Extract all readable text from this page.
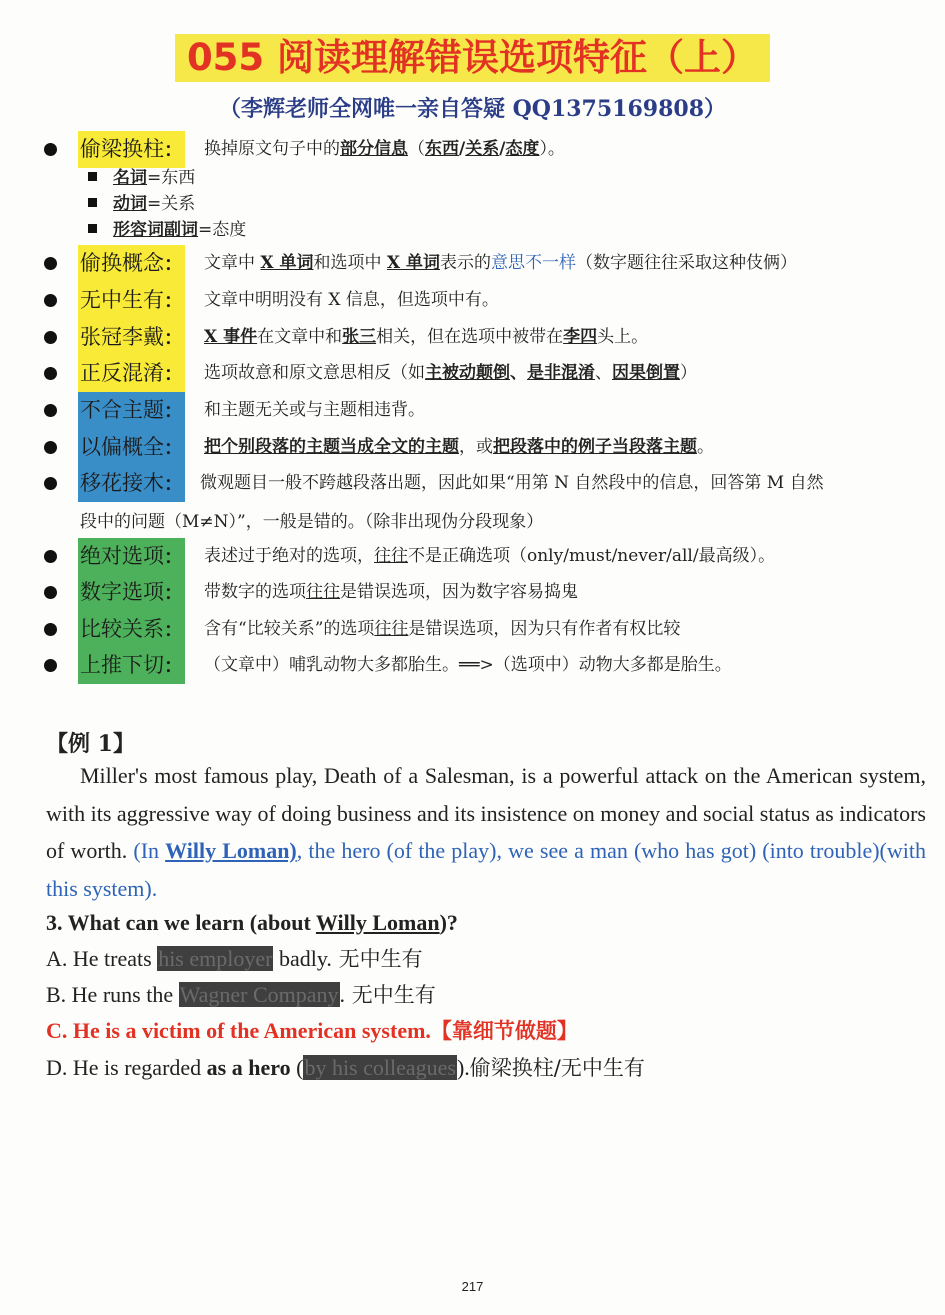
055 阅读理解错误选项特征（上）
（李辉老师全网唯一亲自答疑 QQ1375169808）
偷梁换柱： 换掉原文句子中的部分信息（东西/关系/态度）。
名词=东西
动词=关系
形容词副词=态度
偷换概念： 文章中 X 单词和选项中 X 单词表示的意思不一样（数字题往往采取这种伎俩）
无中生有： 文章中明明没有 X 信息，但选项中有。
张冠李戴： X 事件在文章中和张三相关，但在选项中被带在李四头上。
正反混淆： 选项故意和原文意思相反（如主被动颠倒、是非混淆、因果倒置）
不合主题： 和主题无关或与主题相违背。
以偏概全： 把个别段落的主题当成全文的主题，或把段落中的例子当段落主题。
移花接木： 微观题目一般不跨越段落出题，因此如果“用第 N 自然段中的信息，回答第 M 自然
段中的问题（M≠N）”，一般是错的。（除非出现伪分段现象）
绝对选项： 表述过于绝对的选项，往往不是正确选项（only/must/never/all/最高级）。
数字选项： 带数字的选项往往是错误选项，因为数字容易捣鬼
比较关系： 含有“比较关系”的选项往往是错误选项，因为只有作者有权比较
上推下切： （文章中）哺乳动物大多都胎生。══>（选项中）动物大多都是胎生。
【例 1】

Miller's most famous play, Death of a Salesman, is a powerful attack on the American system, with its aggressive way of doing business and its insistence on money and social status as indicators of worth. (In Willy Loman), the hero (of the play), we see a man (who has got) (into trouble)(with this system).

3. What can we learn (about Willy Loman)?
A. He treats his employer badly. 无中生有
B. He runs the Wagner Company. 无中生有
C. He is a victim of the American system.【靠细节做题】
D. He is regarded as a hero (by his colleagues).偷梁换柱/无中生有
217
